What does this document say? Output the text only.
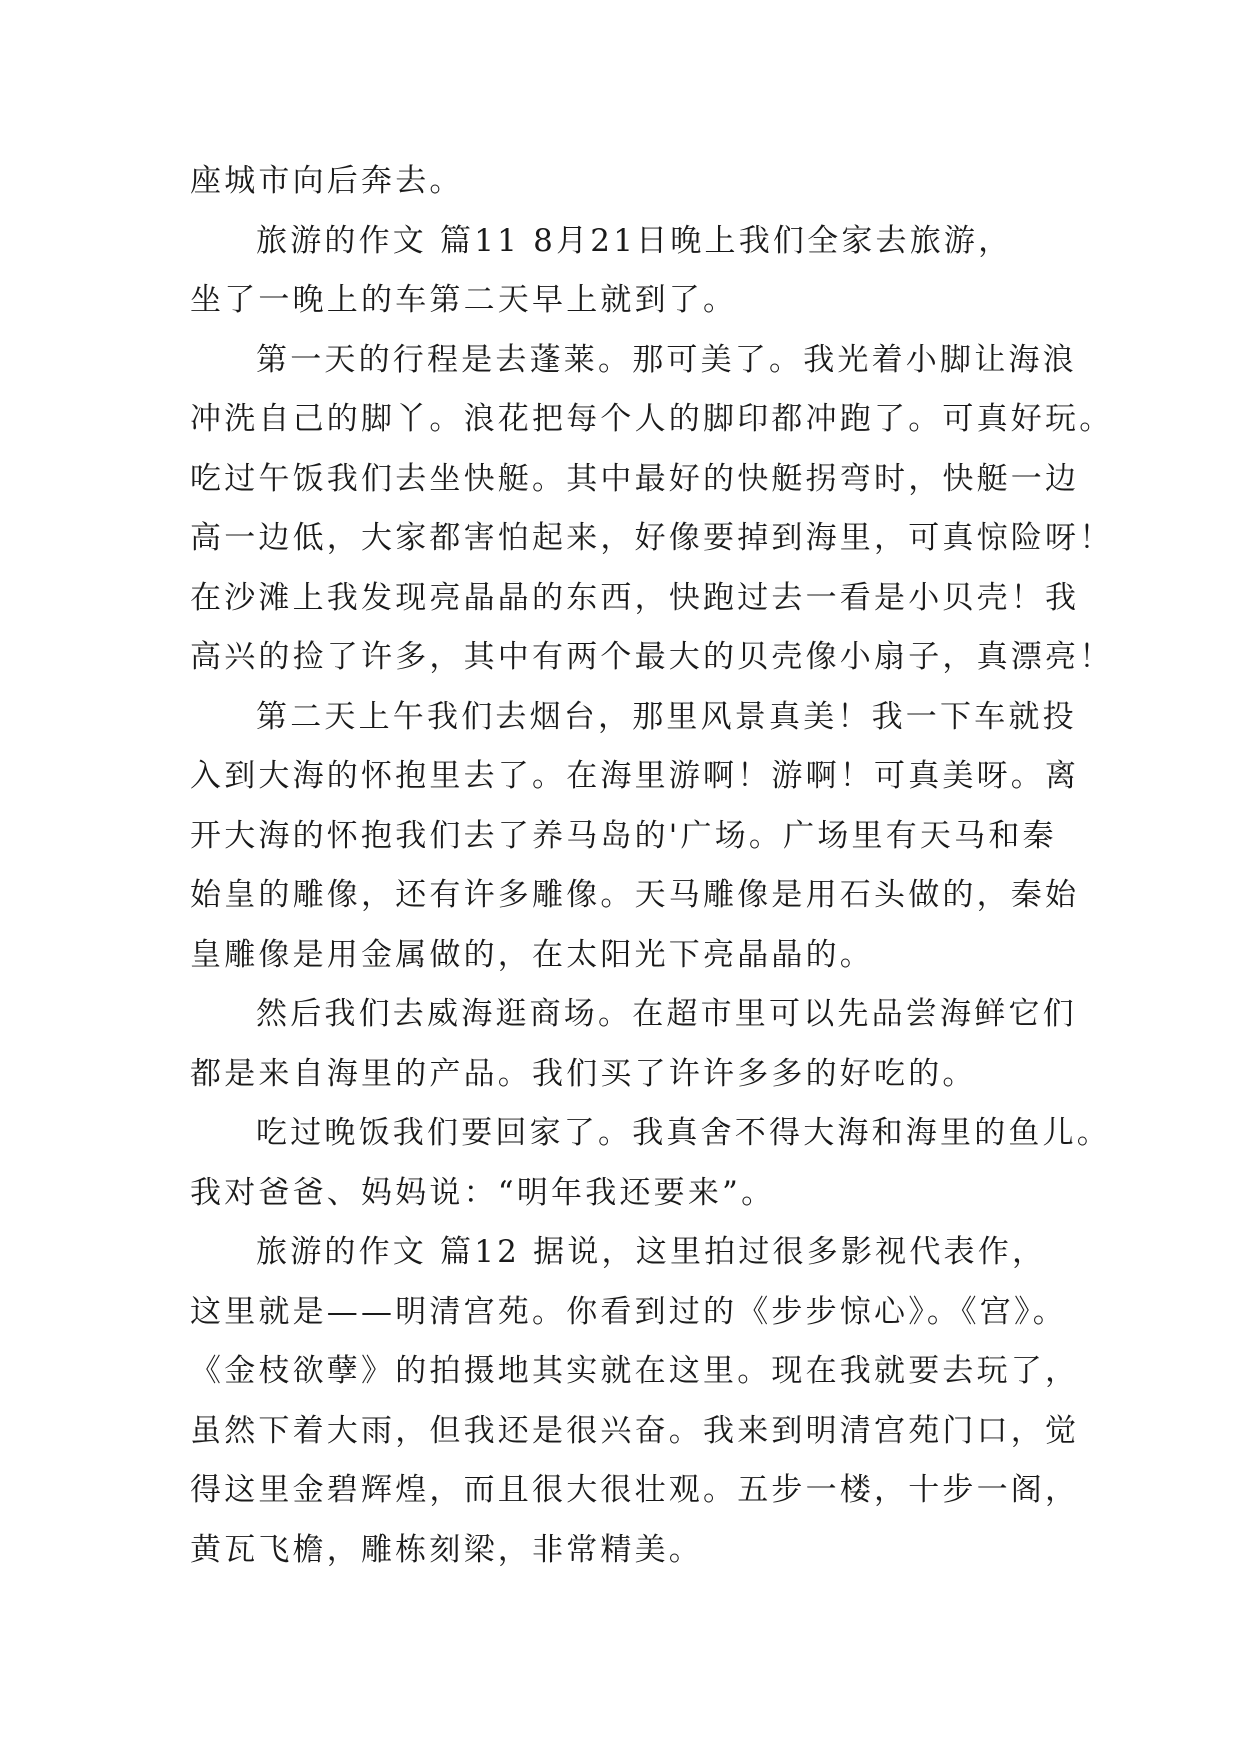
座城市向后奔去。
旅游的作文 篇11 8月21日晚上我们全家去旅游，
坐了一晚上的车第二天早上就到了。
第一天的行程是去蓬莱。那可美了。我光着小脚让海浪
冲洗自己的脚丫。浪花把每个人的脚印都冲跑了。可真好玩。
吃过午饭我们去坐快艇。其中最好的快艇拐弯时，快艇一边
高一边低，大家都害怕起来，好像要掉到海里，可真惊险呀！
在沙滩上我发现亮晶晶的东西，快跑过去一看是小贝壳！我
高兴的捡了许多，其中有两个最大的贝壳像小扇子，真漂亮！
第二天上午我们去烟台，那里风景真美！我一下车就投
入到大海的怀抱里去了。在海里游啊！游啊！可真美呀。离
开大海的怀抱我们去了养马岛的'广场。广场里有天马和秦
始皇的雕像，还有许多雕像。天马雕像是用石头做的，秦始
皇雕像是用金属做的，在太阳光下亮晶晶的。
然后我们去威海逛商场。在超市里可以先品尝海鲜它们
都是来自海里的产品。我们买了许许多多的好吃的。
吃过晚饭我们要回家了。我真舍不得大海和海里的鱼儿。
我对爸爸、妈妈说：“明年我还要来”。
旅游的作文 篇12 据说，这里拍过很多影视代表作，
这里就是——明清宫苑。你看到过的《步步惊心》。《宫》。
《金枝欲孽》的拍摄地其实就在这里。现在我就要去玩了，
虽然下着大雨，但我还是很兴奋。我来到明清宫苑门口，觉
得这里金碧辉煌，而且很大很壮观。五步一楼，十步一阁，
黄瓦飞檐，雕栋刻梁，非常精美。
